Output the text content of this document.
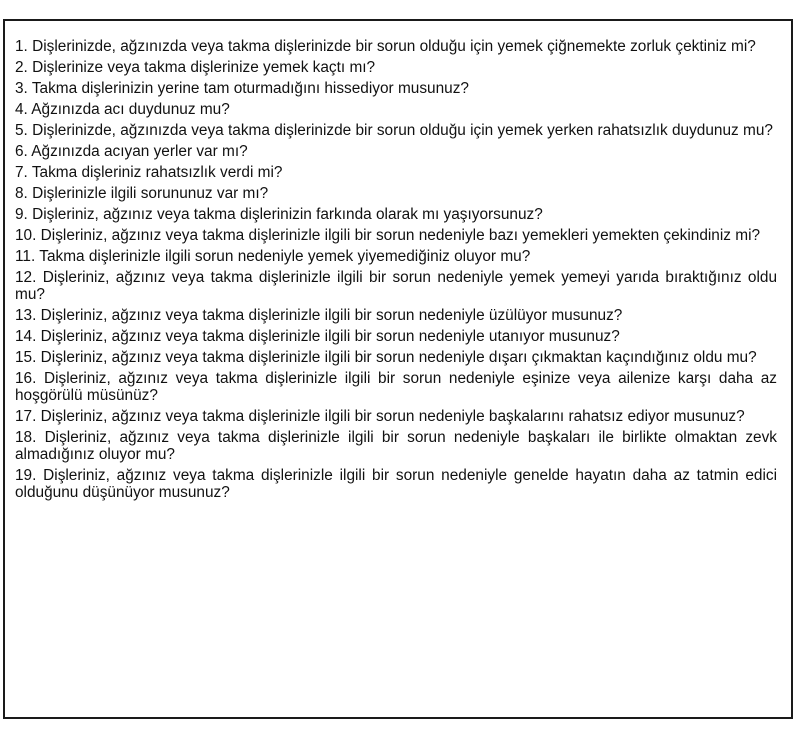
1. Dişlerinizde, ağzınızda veya takma dişlerinizde bir sorun olduğu için yemek çiğnemekte zorluk çektiniz mi?
2. Dişlerinize veya takma dişlerinize yemek kaçtı mı?
3. Takma dişlerinizin yerine tam oturmadığını hissediyor musunuz?
4. Ağzınızda acı duydunuz mu?
5. Dişlerinizde, ağzınızda veya takma dişlerinizde bir sorun olduğu için yemek yerken rahatsızlık duydunuz mu?
6. Ağzınızda acıyan yerler var mı?
7. Takma dişleriniz rahatsızlık verdi mi?
8. Dişlerinizle ilgili sorununuz var mı?
9. Dişleriniz, ağzınız veya takma dişlerinizin farkında olarak mı yaşıyorsunuz?
10. Dişleriniz, ağzınız veya takma dişlerinizle ilgili bir sorun nedeniyle bazı yemekleri yemekten çekindiniz mi?
11. Takma dişlerinizle ilgili sorun nedeniyle yemek yiyemediğiniz oluyor mu?
12. Dişleriniz, ağzınız veya takma dişlerinizle ilgili bir sorun nedeniyle yemek yemeyi yarıda bıraktığınız oldu mu?
13. Dişleriniz, ağzınız veya takma dişlerinizle ilgili bir sorun nedeniyle üzülüyor musunuz?
14. Dişleriniz, ağzınız veya takma dişlerinizle ilgili bir sorun nedeniyle utanıyor musunuz?
15. Dişleriniz, ağzınız veya takma dişlerinizle ilgili bir sorun nedeniyle dışarı çıkmaktan kaçındığınız oldu mu?
16. Dişleriniz, ağzınız veya takma dişlerinizle ilgili bir sorun nedeniyle eşinize veya ailenize karşı daha az hoşgörülü müsünüz?
17. Dişleriniz, ağzınız veya takma dişlerinizle ilgili bir sorun nedeniyle başkalarını rahatsız ediyor musunuz?
18. Dişleriniz, ağzınız veya takma dişlerinizle ilgili bir sorun nedeniyle başkaları ile birlikte olmaktan zevk almadığınız oluyor mu?
19. Dişleriniz, ağzınız veya takma dişlerinizle ilgili bir sorun nedeniyle genelde hayatın daha az tatmin edici olduğunu düşünüyor musunuz?
